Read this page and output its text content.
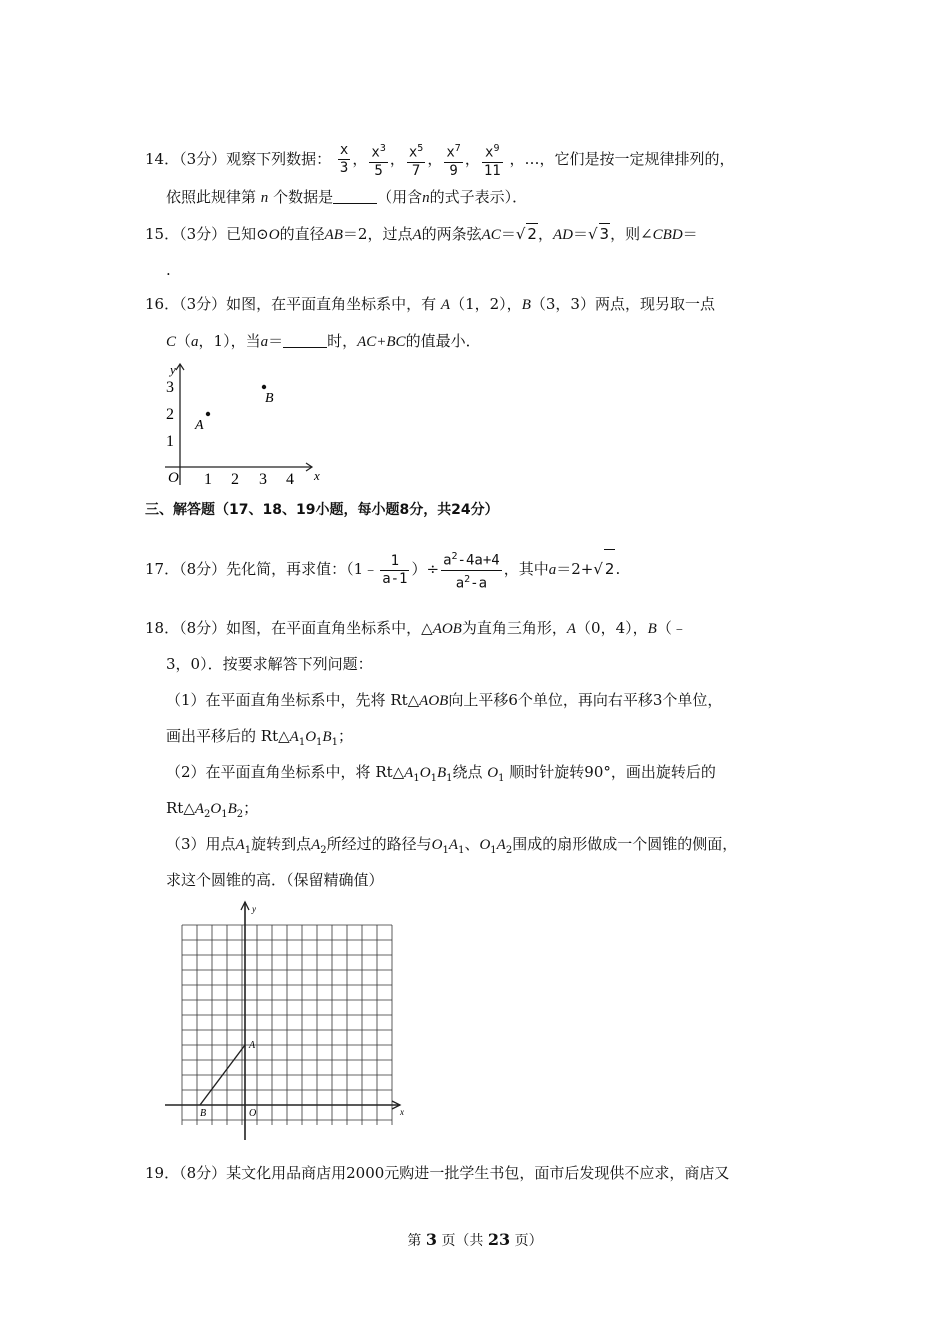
14．（3分）观察下列数据： $\frac{x}{3}$ ， $\frac{x^3}{5}$ ， $\frac{x^5}{7}$ ， $\frac{x^7}{9}$ ， $\frac{x^9}{11}$ ，…，它们是按一定规律排列的，
依照此规律第 n 个数据是	（用含n的式子表示）．
15．（3分）已知⊙O的直径AB＝2，过点A的两条弦AC＝√ 2，AD＝√ 3，则∠CBD＝
.
16．（3分）如图，在平面直角坐标系中，有 A（1，2），B（3，3）两点，现另取一点
C（a，1），当a＝	时，AC+BC的值最小．
y
x
O 1 2 3 4
1
2
3
A
B
三、解答题（17、18、19小题，每小题8分，共24分）
17．（8分）先化简，再求值：（1﹣ $\frac{1}{a-1}$ ）÷ $\frac{a^2-4a+4}{a^2-a}$ ，其中a＝2+√ 2.
18．（8分）如图，在平面直角坐标系中，△AOB为直角三角形，A（0，4），B（﹣
3，0）．按要求解答下列问题：
（1）在平面直角坐标系中，先将 Rt△AOB向上平移6个单位，再向右平移3个单位，
画出平移后的 $Rt\triangle A_1O_1B_1$；
（2）在平面直角坐标系中，将 $Rt\triangle A_1O_1B_1$绕点 $O_1$ 顺时针旋转90°，画出旋转后的
$Rt\triangle A_2O_1B_2$；
（3）用点$A_1$旋转到点$A_2$所经过的路径与$O_1A_1$、$O_1A_2$围成的扇形做成一个圆锥的侧面，
求这个圆锥的高．（保留精确值）
y
x
A
B	O
19．（8分）某文化用品商店用2000元购进一批学生书包，面市后发现供不应求，商店又
第 3 页（共 23 页）
